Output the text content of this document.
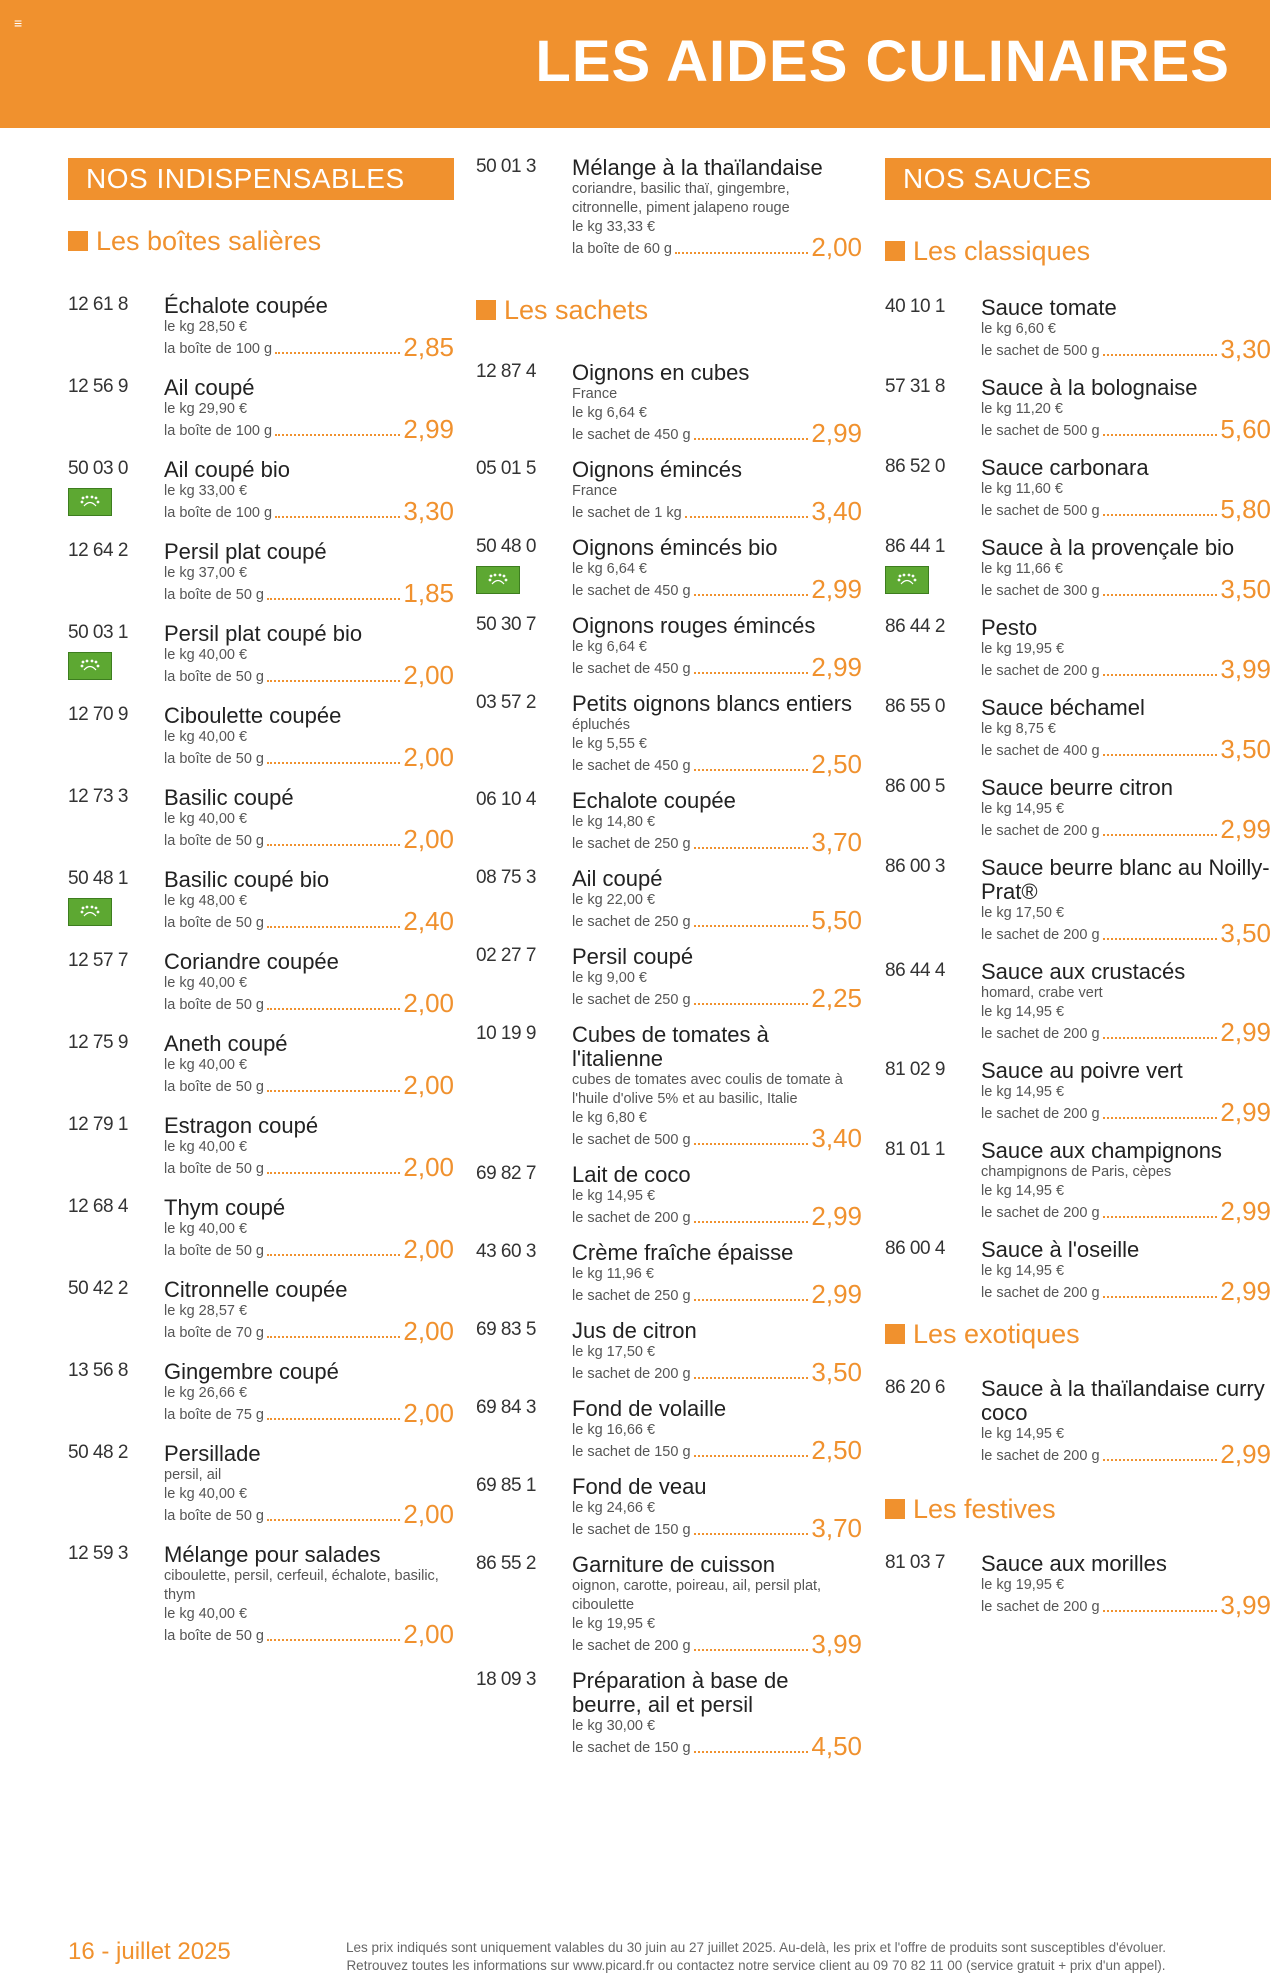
≡
LES AIDES CULINAIRES
NOS INDISPENSABLES
Les boîtes salières
12 61 8 Échalote coupée
le kg 28,50 €
la boîte de 100 g	2,85
12 56 9 Ail coupé
le kg 29,90 €
la boîte de 100 g	2,99
50 03 0 Ail coupé bio
le kg 33,00 €
la boîte de 100 g	3,30
12 64 2 Persil plat coupé
le kg 37,00 €
la boîte de 50 g	1,85
50 03 1 Persil plat coupé bio
le kg 40,00 €
la boîte de 50 g	2,00
12 70 9 Ciboulette coupée
le kg 40,00 €
la boîte de 50 g	2,00
12 73 3 Basilic coupé
le kg 40,00 €
la boîte de 50 g	2,00
50 48 1 Basilic coupé bio
le kg 48,00 €
la boîte de 50 g	2,40
12 57 7 Coriandre coupée
le kg 40,00 €
la boîte de 50 g	2,00
12 75 9 Aneth coupé
le kg 40,00 €
la boîte de 50 g	2,00
12 79 1 Estragon coupé
le kg 40,00 €
la boîte de 50 g	2,00
12 68 4 Thym coupé
le kg 40,00 €
la boîte de 50 g	2,00
50 42 2 Citronnelle coupée
le kg 28,57 €
la boîte de 70 g	2,00
13 56 8 Gingembre coupé
le kg 26,66 €
la boîte de 75 g	2,00
50 48 2 Persillade
persil, ail
le kg 40,00 €
la boîte de 50 g	2,00
12 59 3 Mélange pour salades
ciboulette, persil, cerfeuil, échalote, basilic, thym
le kg 40,00 €
la boîte de 50 g	2,00
50 01 3 Mélange à la thaïlandaise
coriandre, basilic thaï, gingembre, citronnelle, piment jalapeno rouge
le kg 33,33 €
la boîte de 60 g	2,00
Les sachets
12 87 4 Oignons en cubes
France
le kg 6,64 €
le sachet de 450 g	2,99
05 01 5 Oignons émincés
France
le sachet de 1 kg	3,40
50 48 0 Oignons émincés bio
le kg 6,64 €
le sachet de 450 g	2,99
50 30 7 Oignons rouges émincés
le kg 6,64 €
le sachet de 450 g	2,99
03 57 2 Petits oignons blancs entiers
épluchés
le kg 5,55 €
le sachet de 450 g	2,50
06 10 4 Echalote coupée
le kg 14,80 €
le sachet de 250 g	3,70
08 75 3 Ail coupé
le kg 22,00 €
le sachet de 250 g	5,50
02 27 7 Persil coupé
le kg 9,00 €
le sachet de 250 g	2,25
10 19 9 Cubes de tomates à l'italienne
cubes de tomates avec coulis de tomate à l'huile d'olive 5% et au basilic, Italie
le kg 6,80 €
le sachet de 500 g	3,40
69 82 7 Lait de coco
le kg 14,95 €
le sachet de 200 g	2,99
43 60 3 Crème fraîche épaisse
le kg 11,96 €
le sachet de 250 g	2,99
69 83 5 Jus de citron
le kg 17,50 €
le sachet de 200 g	3,50
69 84 3 Fond de volaille
le kg 16,66 €
le sachet de 150 g	2,50
69 85 1 Fond de veau
le kg 24,66 €
le sachet de 150 g	3,70
86 55 2 Garniture de cuisson
oignon, carotte, poireau, ail, persil plat, ciboulette
le kg 19,95 €
le sachet de 200 g	3,99
18 09 3 Préparation à base de beurre, ail et persil
le kg 30,00 €
le sachet de 150 g	4,50
NOS SAUCES
Les classiques
40 10 1 Sauce tomate
le kg 6,60 €
le sachet de 500 g	3,30
57 31 8 Sauce à la bolognaise
le kg 11,20 €
le sachet de 500 g	5,60
86 52 0 Sauce carbonara
le kg 11,60 €
le sachet de 500 g	5,80
86 44 1 Sauce à la provençale bio
le kg 11,66 €
le sachet de 300 g	3,50
86 44 2 Pesto
le kg 19,95 €
le sachet de 200 g	3,99
86 55 0 Sauce béchamel
le kg 8,75 €
le sachet de 400 g	3,50
86 00 5 Sauce beurre citron
le kg 14,95 €
le sachet de 200 g	2,99
86 00 3 Sauce beurre blanc au Noilly-Prat®
le kg 17,50 €
le sachet de 200 g	3,50
86 44 4 Sauce aux crustacés
homard, crabe vert
le kg 14,95 €
le sachet de 200 g	2,99
81 02 9 Sauce au poivre vert
le kg 14,95 €
le sachet de 200 g	2,99
81 01 1 Sauce aux champignons
champignons de Paris, cèpes
le kg 14,95 €
le sachet de 200 g	2,99
86 00 4 Sauce à l'oseille
le kg 14,95 €
le sachet de 200 g	2,99
Les exotiques
86 20 6 Sauce à la thaïlandaise curry coco
le kg 14,95 €
le sachet de 200 g	2,99
Les festives
81 03 7 Sauce aux morilles
le kg 19,95 €
le sachet de 200 g	3,99
16 - juillet 2025	Les prix indiqués sont uniquement valables du 30 juin au 27 juillet 2025. Au-delà, les prix et l'offre de produits sont susceptibles d'évoluer.
Retrouvez toutes les informations sur www.picard.fr ou contactez notre service client au 09 70 82 11 00 (service gratuit + prix d'un appel).
